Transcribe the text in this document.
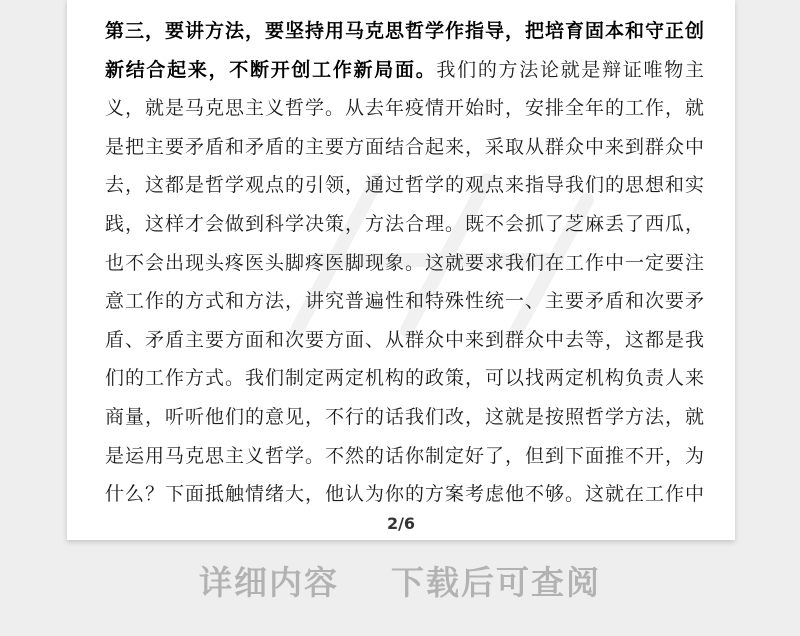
第三，要讲方法，要坚持用马克思哲学作指导，把培育固本和守正创新结合起来，不断开创工作新局面。我们的方法论就是辩证唯物主义，就是马克思主义哲学。从去年疫情开始时，安排全年的工作，就是把主要矛盾和矛盾的主要方面结合起来，采取从群众中来到群众中去，这都是哲学观点的引领，通过哲学的观点来指导我们的思想和实践，这样才会做到科学决策，方法合理。既不会抓了芝麻丢了西瓜，也不会出现头疼医头脚疼医脚现象。这就要求我们在工作中一定要注意工作的方式和方法，讲究普遍性和特殊性统一、主要矛盾和次要矛盾、矛盾主要方面和次要方面、从群众中来到群众中去等，这都是我们的工作方式。我们制定两定机构的政策，可以找两定机构负责人来商量，听听他们的意见，不行的话我们改，这就是按照哲学方法，就是运用马克思主义哲学。不然的话你制定好了，但到下面推不开，为什么？下面抵触情绪大，他认为你的方案考虑他不够。这就在工作中

2/6
详细内容 下载后可查阅
